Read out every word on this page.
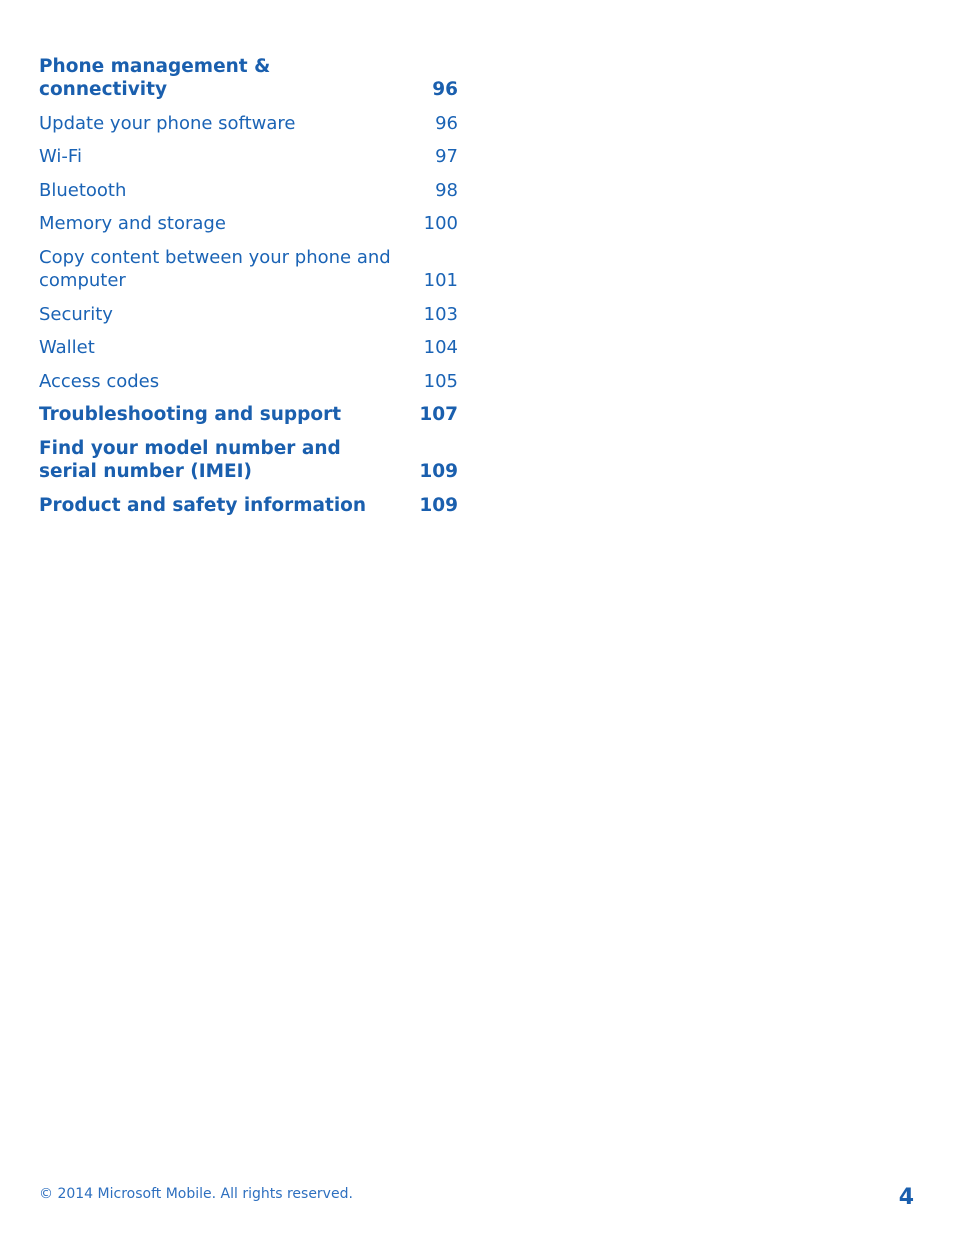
Phone management & connectivity	96
Update your phone software	96
Wi-Fi	97
Bluetooth	98
Memory and storage	100
Copy content between your phone and computer	101
Security	103
Wallet	104
Access codes	105
Troubleshooting and support	107
Find your model number and serial number (IMEI)	109
Product and safety information	109
© 2014 Microsoft Mobile. All rights reserved.	4
